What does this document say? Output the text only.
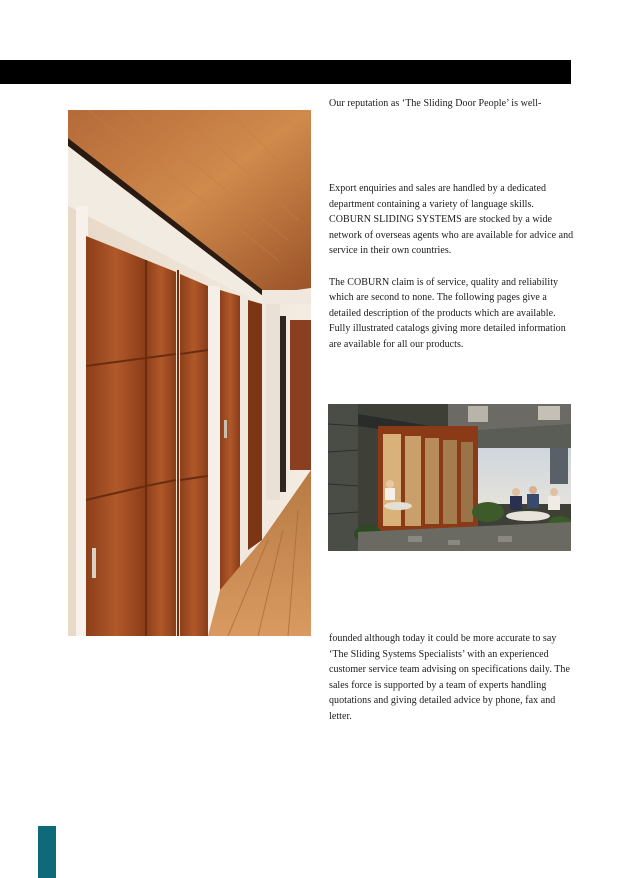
Our reputation as ‘The Sliding Door People’ is well-

Export enquiries and sales are handled by a dedicated department containing a variety of language skills. COBURN SLIDING SYSTEMS are stocked by a wide network of overseas agents who are available for advice and service in their own countries.

The COBURN claim is of service, quality and reliability which are second to none. The following pages give a detailed description of the products which are available. Fully illustrated catalogs giving more detailed information are available for all our products.

founded although today it could be more accurate to say ‘The Sliding Systems Specialists’ with an experienced customer service team advising on specifications daily. The sales force is supported by a team of experts handling quotations and giving detailed advice by phone, fax and letter.
